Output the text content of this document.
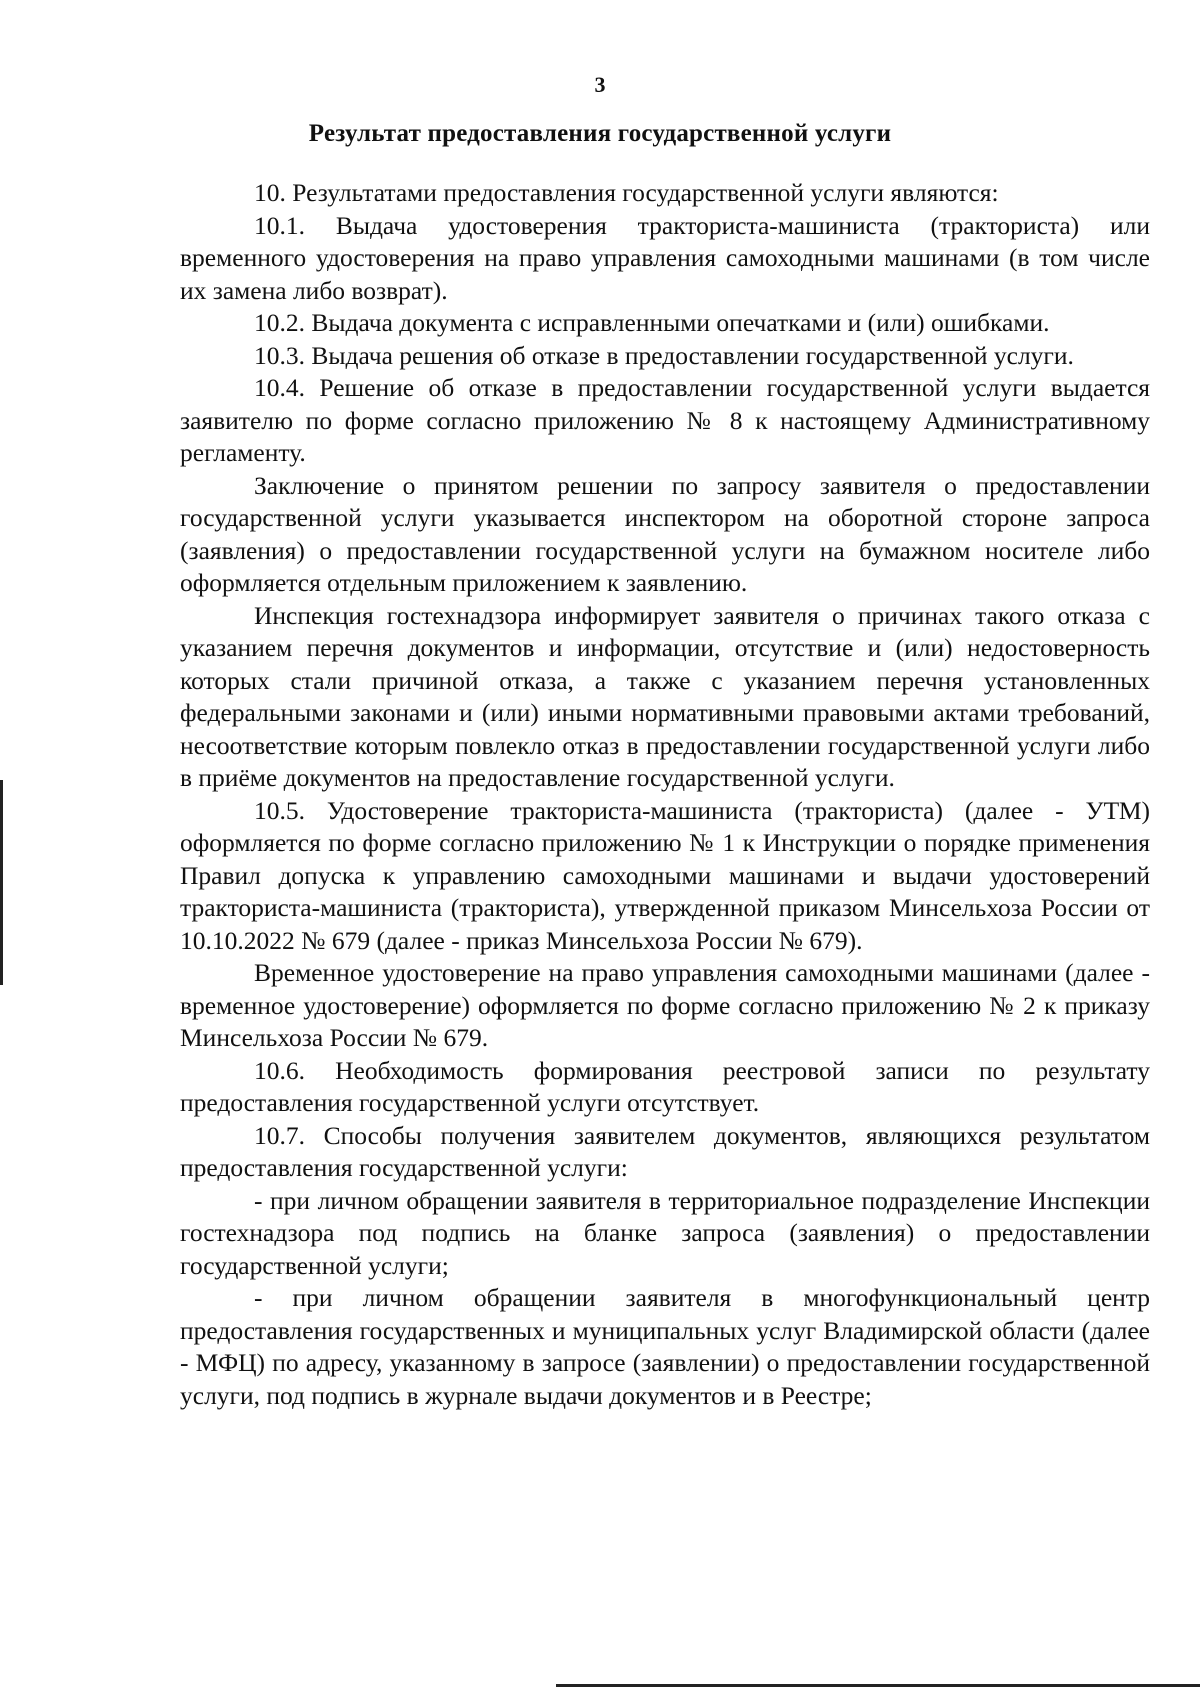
3
Результат предоставления государственной услуги

10. Результатами предоставления государственной услуги являются:

10.1. Выдача удостоверения тракториста-машиниста (тракториста) или временного удостоверения на право управления самоходными машинами (в том числе их замена либо возврат).

10.2. Выдача документа с исправленными опечатками и (или) ошибками.

10.3. Выдача решения об отказе в предоставлении государственной услуги.

10.4. Решение об отказе в предоставлении государственной услуги выдается заявителю по форме согласно приложению № 8 к настоящему Административному регламенту.

Заключение о принятом решении по запросу заявителя о предоставлении государственной услуги указывается инспектором на оборотной стороне запроса (заявления) о предоставлении государственной услуги на бумажном носителе либо оформляется отдельным приложением к заявлению.

Инспекция гостехнадзора информирует заявителя о причинах такого отказа с указанием перечня документов и информации, отсутствие и (или) недостоверность которых стали причиной отказа, а также с указанием перечня установленных федеральными законами и (или) иными нормативными правовыми актами требований, несоответствие которым повлекло отказ в предоставлении государственной услуги либо в приёме документов на предоставление государственной услуги.

10.5. Удостоверение тракториста-машиниста (тракториста) (далее - УТМ) оформляется по форме согласно приложению № 1 к Инструкции о порядке применения Правил допуска к управлению самоходными машинами и выдачи удостоверений тракториста-машиниста (тракториста), утвержденной приказом Минсельхоза России от 10.10.2022 № 679 (далее - приказ Минсельхоза России № 679).

Временное удостоверение на право управления самоходными машинами (далее - временное удостоверение) оформляется по форме согласно приложению № 2 к приказу Минсельхоза России № 679.

10.6. Необходимость формирования реестровой записи по результату предоставления государственной услуги отсутствует.

10.7. Способы получения заявителем документов, являющихся результатом предоставления государственной услуги:

- при личном обращении заявителя в территориальное подразделение Инспекции гостехнадзора под подпись на бланке запроса (заявления) о предоставлении государственной услуги;

- при личном обращении заявителя в многофункциональный центр предоставления государственных и муниципальных услуг Владимирской области (далее - МФЦ) по адресу, указанному в запросе (заявлении) о предоставлении государственной услуги, под подпись в журнале выдачи документов и в Реестре;
